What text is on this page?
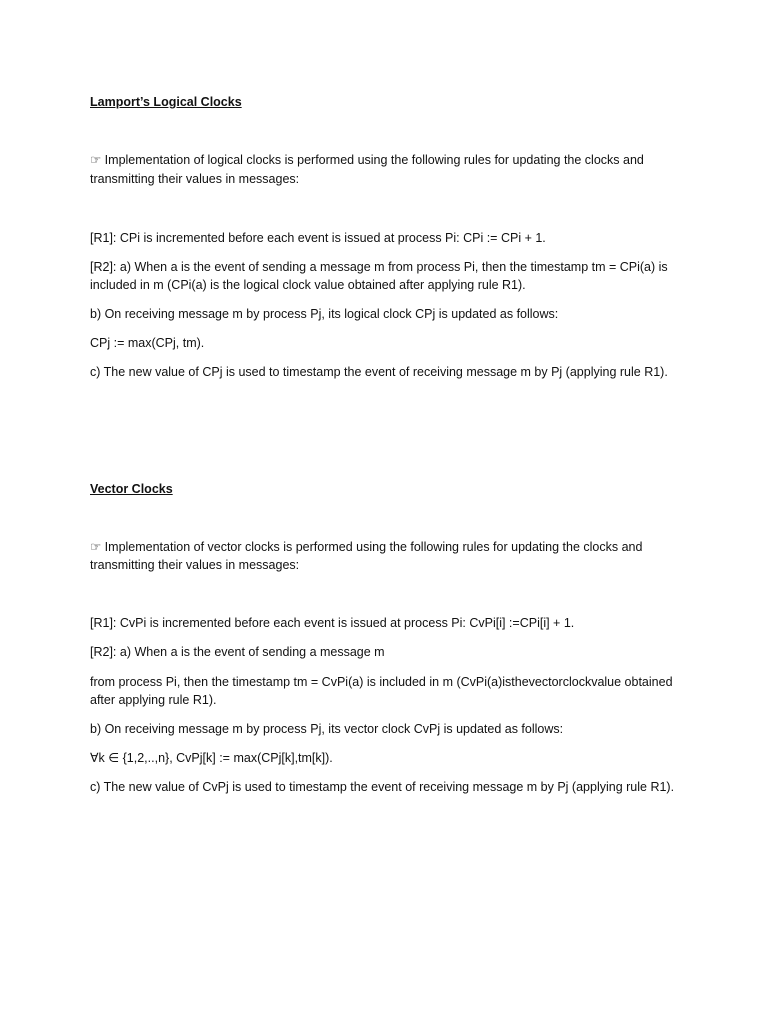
Lamport’s Logical Clocks
☞ Implementation of logical clocks is performed using the following rules for updating the clocks and
transmitting their values in messages:
[R1]: CPi is incremented before each event is issued at process Pi: CPi := CPi + 1.
[R2]: a) When a is the event of sending a message m from process Pi, then the timestamp tm = CPi(a) is
included in m (CPi(a) is the logical clock value obtained after applying rule R1).
b) On receiving message m by process Pj, its logical clock CPj is updated as follows:
CPj := max(CPj, tm).
c) The new value of CPj is used to timestamp the event of receiving message m by Pj (applying rule R1).
Vector Clocks
☞ Implementation of vector clocks is performed using the following rules for updating the clocks and
transmitting their values in messages:
[R1]: CvPi is incremented before each event is issued at process Pi: CvPi[i] :=CPi[i] + 1.
[R2]: a) When a is the event of sending a message m
from process Pi, then the timestamp tm = CvPi(a) is included in m (CvPi(a)isthevectorclockvalue obtained
after applying rule R1).
b) On receiving message m by process Pj, its vector clock CvPj is updated as follows:
∀k ∈ {1,2,..,n}, CvPj[k] := max(CPj[k],tm[k]).
c) The new value of CvPj is used to timestamp the event of receiving message m by Pj (applying rule R1).
